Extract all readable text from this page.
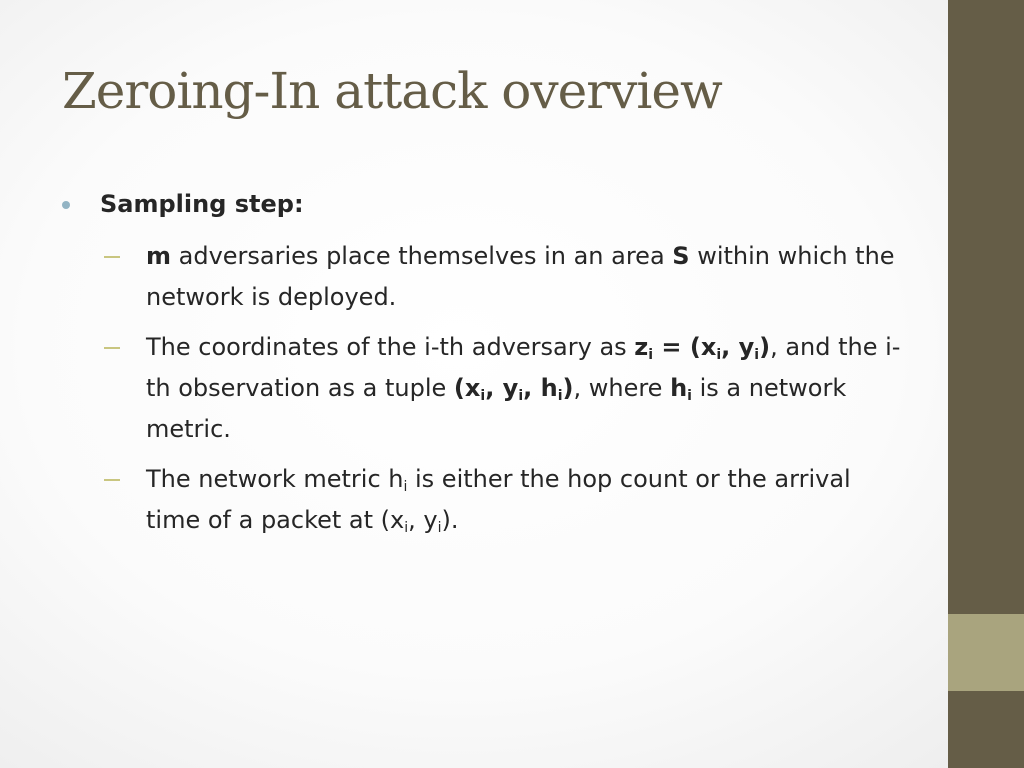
Zeroing-In attack overview
Sampling step:
m adversaries place themselves in an area S within which the network is deployed.
The coordinates of the i-th adversary as $z_i = (x_i$, $y_i$), and the i-th observation as a tuple ($x_i$, $y_i$, $h_i$), where $h_i$ is a network metric.
The network metric $h_i$ is either the hop count or the arrival time of a packet at ($x_i$, $y_i$).
